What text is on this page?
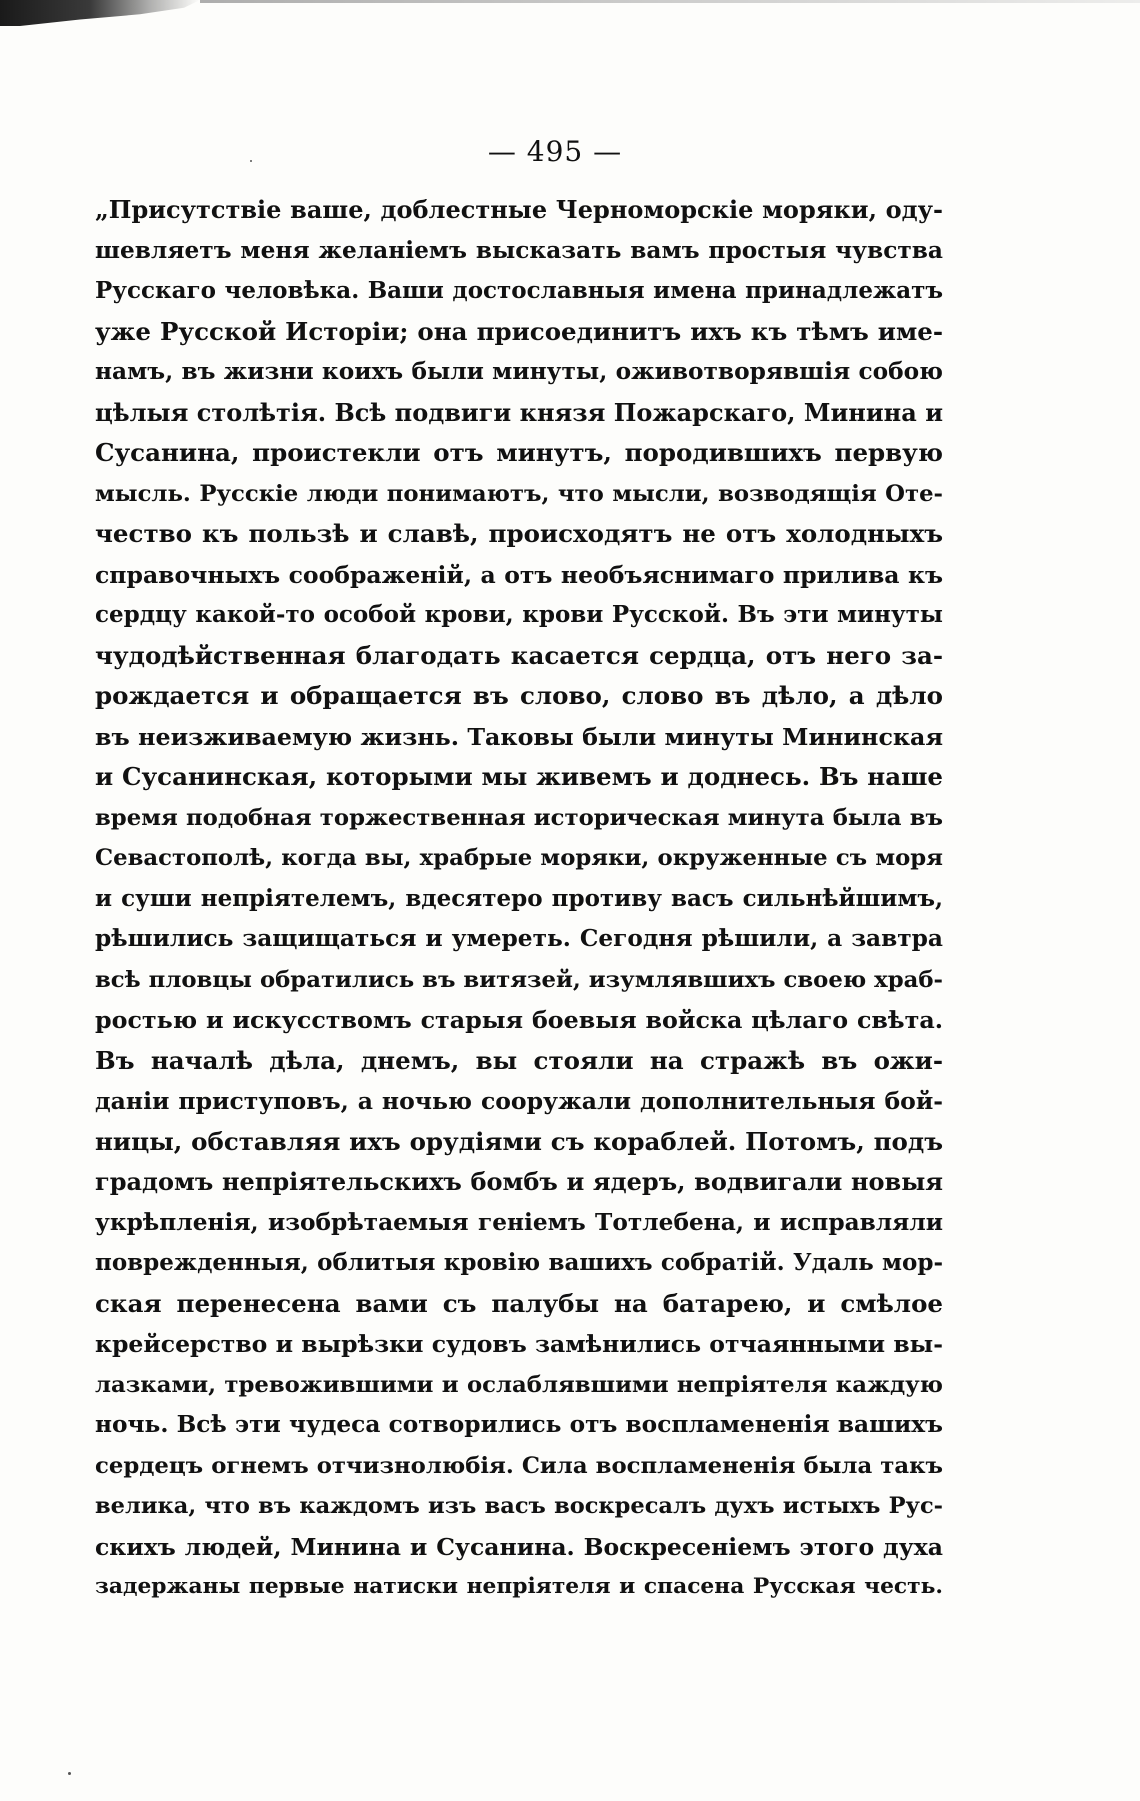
— 495 —
„Присутствіе ваше, доблестные Черноморскіе моряки, оду-
шевляетъ меня желаніемъ высказать вамъ простыя чувства
Русскаго человѣка. Ваши достославныя имена принадлежатъ
уже Русской Исторіи; она присоединитъ ихъ къ тѣмъ име-
намъ, въ жизни коихъ были минуты, оживотворявшія собою
цѣлыя столѣтія. Всѣ подвиги князя Пожарскаго, Минина и
Сусанина, проистекли отъ минутъ, породившихъ первую
мысль. Русскіе люди понимаютъ, что мысли, возводящія Оте-
чество къ пользѣ и славѣ, происходятъ не отъ холодныхъ
справочныхъ соображеній, а отъ необъяснимаго прилива къ
сердцу какой-то особой крови, крови Русской. Въ эти минуты
чудодѣйственная благодать касается сердца, отъ него за-
рождается и обращается въ слово, слово въ дѣло, а дѣло
въ неизживаемую жизнь. Таковы были минуты Мининская
и Сусанинская, которыми мы живемъ и доднесь. Въ наше
время подобная торжественная историческая минута была въ
Севастополѣ, когда вы, храбрые моряки, окруженные съ моря
и суши непріятелемъ, вдесятеро противу васъ сильнѣйшимъ,
рѣшились защищаться и умереть. Сегодня рѣшили, а завтра
всѣ пловцы обратились въ витязей, изумлявшихъ своею храб-
ростью и искусствомъ старыя боевыя войска цѣлаго свѣта.
Въ началѣ дѣла, днемъ, вы стояли на стражѣ въ ожи-
даніи приступовъ, а ночью сооружали дополнительныя бой-
ницы, обставляя ихъ орудіями съ кораблей. Потомъ, подъ
градомъ непріятельскихъ бомбъ и ядеръ, водвигали новыя
укрѣпленія, изобрѣтаемыя геніемъ Тотлебена, и исправляли
поврежденныя, облитыя кровію вашихъ собратій. Удаль мор-
ская перенесена вами съ палубы на батарею, и смѣлое
крейсерство и вырѣзки судовъ замѣнились отчаянными вы-
лазками, тревожившими и ослаблявшими непріятеля каждую
ночь. Всѣ эти чудеса сотворились отъ воспламененія вашихъ
сердецъ огнемъ отчизнолюбія. Сила воспламененія была такъ
велика, что въ каждомъ изъ васъ воскресалъ духъ истыхъ Рус-
скихъ людей, Минина и Сусанина. Воскресеніемъ этого духа
задержаны первые натиски непріятеля и спасена Русская честь.
